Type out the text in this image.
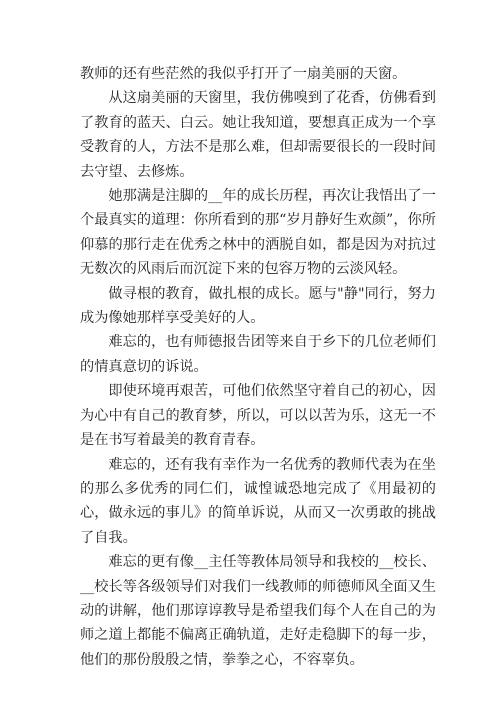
教师的还有些茫然的我似乎打开了一扇美丽的天窗。

从这扇美丽的天窗里，我仿佛嗅到了花香，仿佛看到了教育的蓝天、白云。她让我知道，要想真正成为一个享受教育的人，方法不是那么难，但却需要很长的一段时间去守望、去修炼。

她那满是注脚的__年的成长历程，再次让我悟出了一个最真实的道理：你所看到的那“岁月静好生欢颜”，你所仰慕的那行走在优秀之林中的洒脱自如，都是因为对抗过无数次的风雨后而沉淀下来的包容万物的云淡风轻。

做寻根的教育，做扎根的成长。愿与"静"同行，努力成为像她那样享受美好的人。

难忘的，也有师德报告团等来自于乡下的几位老师们的情真意切的诉说。

即使环境再艰苦，可他们依然坚守着自己的初心，因为心中有自己的教育梦，所以，可以以苦为乐，这无一不是在书写着最美的教育青春。

难忘的，还有我有幸作为一名优秀的教师代表为在坐的那么多优秀的同仁们，诚惶诚恐地完成了《用最初的心，做永远的事儿》的简单诉说，从而又一次勇敢的挑战了自我。

难忘的更有像__主任等教体局领导和我校的__校长、__校长等各级领导们对我们一线教师的师德师风全面又生动的讲解，他们那谆谆教导是希望我们每个人在自己的为师之道上都能不偏离正确轨道，走好走稳脚下的每一步，他们的那份殷殷之情，拳拳之心，不容辜负。
